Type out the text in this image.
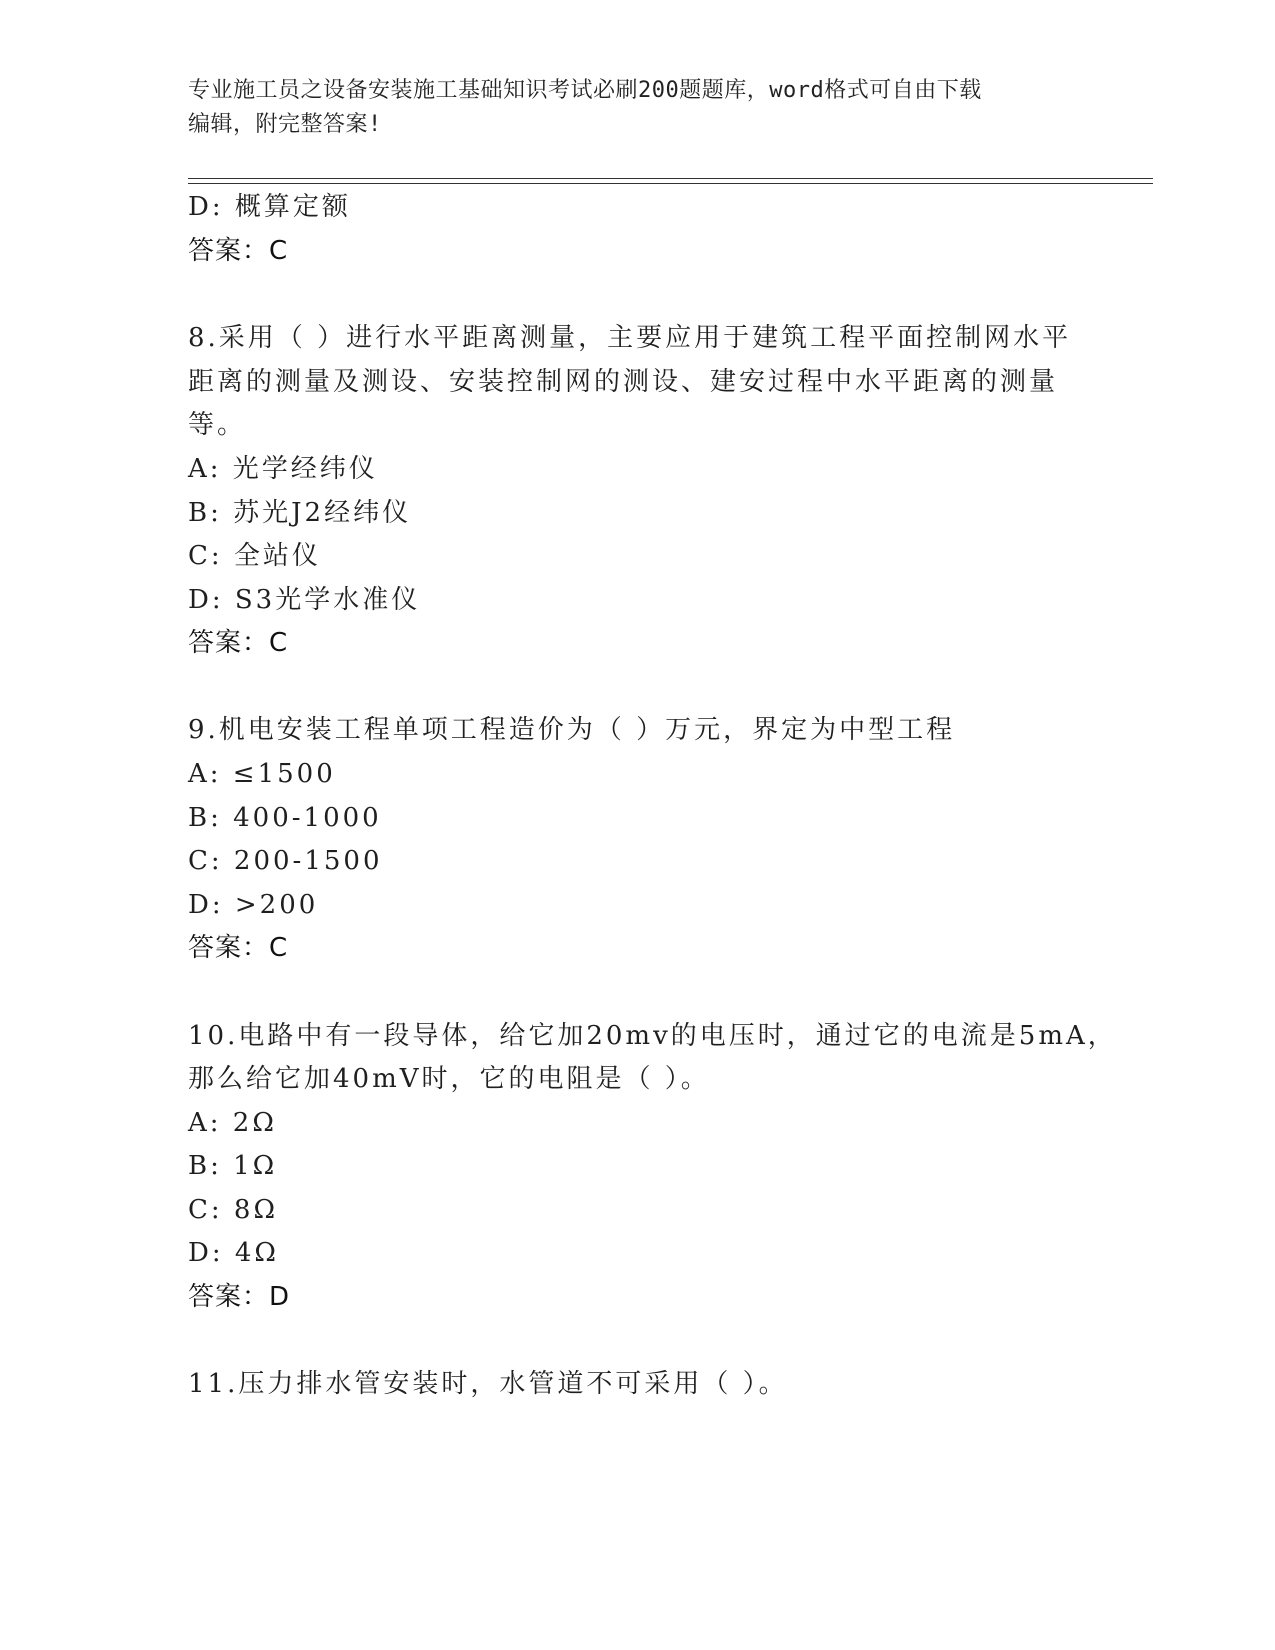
专业施工员之设备安装施工基础知识考试必刷200题题库，word格式可自由下载
编辑，附完整答案!
D: 概算定额
答案：C
8.采用（ ）进行水平距离测量，主要应用于建筑工程平面控制网水平
距离的测量及测设、安装控制网的测设、建安过程中水平距离的测量
等。
A: 光学经纬仪
B: 苏光J2经纬仪
C: 全站仪
D: S3光学水准仪
答案：C
9.机电安装工程单项工程造价为（ ）万元，界定为中型工程
A: ≤1500
B: 400-1000
C: 200-1500
D: >200
答案：C
10.电路中有一段导体，给它加20mv的电压时，通过它的电流是5mA，
那么给它加40mV时，它的电阻是（ ）。
A: 2Ω
B: 1Ω
C: 8Ω
D: 4Ω
答案：D
11.压力排水管安装时，水管道不可采用（ ）。
